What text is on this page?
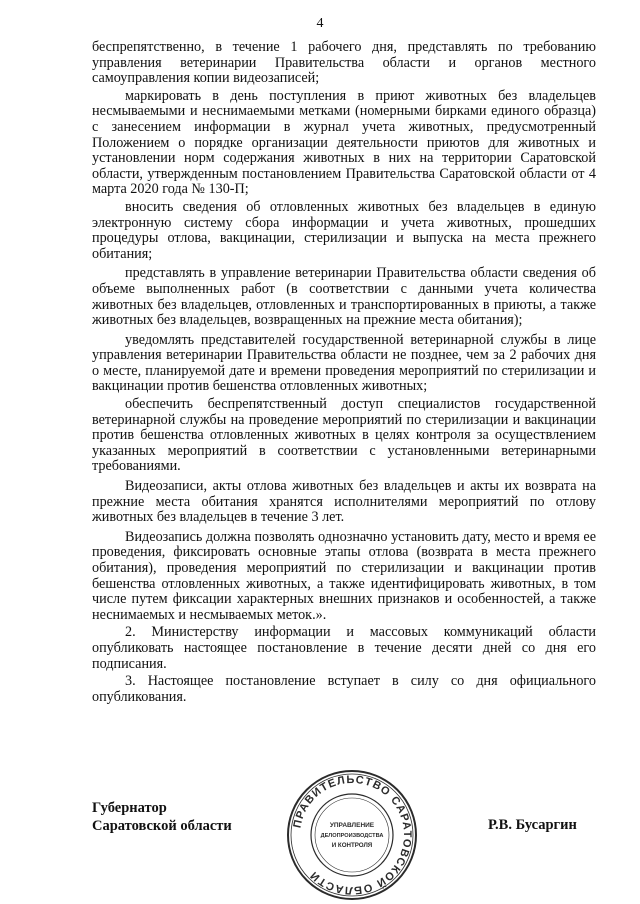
4

беспрепятственно, в течение 1 рабочего дня, представлять по требованию управления ветеринарии Правительства области и органов местного самоуправления копии видеозаписей;

маркировать в день поступления в приют животных без владельцев несмываемыми и неснимаемыми метками (номерными бирками единого образца) с занесением информации в журнал учета животных, предусмотренный Положением о порядке организации деятельности приютов для животных и установлении норм содержания животных в них на территории Саратовской области, утвержденным постановлением Правительства Саратовской области от 4 марта 2020 года № 130-П;

вносить сведения об отловленных животных без владельцев в единую электронную систему сбора информации и учета животных, прошедших процедуры отлова, вакцинации, стерилизации и выпуска на места прежнего обитания;

представлять в управление ветеринарии Правительства области сведения об объеме выполненных работ (в соответствии с данными учета количества животных без владельцев, отловленных и транспортированных в приюты, а также животных без владельцев, возвращенных на прежние места обитания);

уведомлять представителей государственной ветеринарной службы в лице управления ветеринарии Правительства области не позднее, чем за 2 рабочих дня о месте, планируемой дате и времени проведения мероприятий по стерилизации и вакцинации против бешенства отловленных животных;

обеспечить беспрепятственный доступ специалистов государственной ветеринарной службы на проведение мероприятий по стерилизации и вакцинации против бешенства отловленных животных в целях контроля за осуществлением указанных мероприятий в соответствии с установленными ветеринарными требованиями.

Видеозаписи, акты отлова животных без владельцев и акты их возврата на прежние места обитания хранятся исполнителями мероприятий по отлову животных без владельцев в течение 3 лет.

Видеозапись должна позволять однозначно установить дату, место и время ее проведения, фиксировать основные этапы отлова (возврата в места прежнего обитания), проведения мероприятий по стерилизации и вакцинации против бешенства отловленных животных, а также идентифицировать животных, в том числе путем фиксации характерных внешних признаков и особенностей, а также неснимаемых и несмываемых меток.».

2. Министерству информации и массовых коммуникаций области опубликовать настоящее постановление в течение десяти дней со дня его подписания.

3. Настоящее постановление вступает в силу со дня официального опубликования.

Губернатор
Саратовской области	ПРАВИТЕЛЬСТВО САРАТОВСКОЙ ОБЛАСТИ
УПРАВЛЕНИЕ
ДЕЛОПРОИЗВОДСТВА
И КОНТРОЛЯ
Р.В. Бусаргин
